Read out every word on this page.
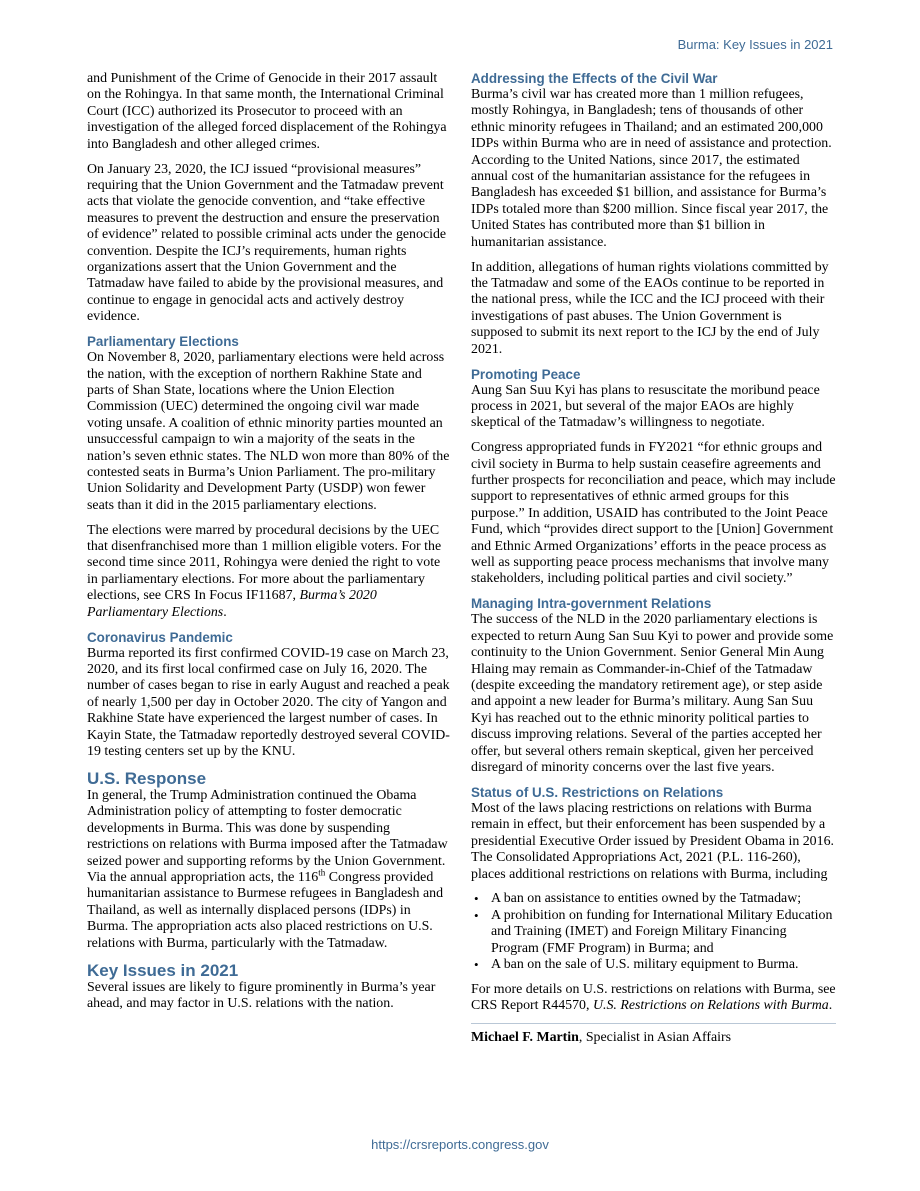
Burma: Key Issues in 2021

and Punishment of the Crime of Genocide in their 2017 assault on the Rohingya. In that same month, the International Criminal Court (ICC) authorized its Prosecutor to proceed with an investigation of the alleged forced displacement of the Rohingya into Bangladesh and other alleged crimes.

On January 23, 2020, the ICJ issued “provisional measures” requiring that the Union Government and the Tatmadaw prevent acts that violate the genocide convention, and “take effective measures to prevent the destruction and ensure the preservation of evidence” related to possible criminal acts under the genocide convention. Despite the ICJ’s requirements, human rights organizations assert that the Union Government and the Tatmadaw have failed to abide by the provisional measures, and continue to engage in genocidal acts and actively destroy evidence.

Parliamentary Elections

On November 8, 2020, parliamentary elections were held across the nation, with the exception of northern Rakhine State and parts of Shan State, locations where the Union Election Commission (UEC) determined the ongoing civil war made voting unsafe. A coalition of ethnic minority parties mounted an unsuccessful campaign to win a majority of the seats in the nation’s seven ethnic states. The NLD won more than 80% of the contested seats in Burma’s Union Parliament. The pro-military Union Solidarity and Development Party (USDP) won fewer seats than it did in the 2015 parliamentary elections.

The elections were marred by procedural decisions by the UEC that disenfranchised more than 1 million eligible voters. For the second time since 2011, Rohingya were denied the right to vote in parliamentary elections. For more about the parliamentary elections, see CRS In Focus IF11687, Burma’s 2020 Parliamentary Elections.

Coronavirus Pandemic

Burma reported its first confirmed COVID-19 case on March 23, 2020, and its first local confirmed case on July 16, 2020. The number of cases began to rise in early August and reached a peak of nearly 1,500 per day in October 2020. The city of Yangon and Rakhine State have experienced the largest number of cases. In Kayin State, the Tatmadaw reportedly destroyed several COVID-19 testing centers set up by the KNU.

U.S. Response

In general, the Trump Administration continued the Obama Administration policy of attempting to foster democratic developments in Burma. This was done by suspending restrictions on relations with Burma imposed after the Tatmadaw seized power and supporting reforms by the Union Government. Via the annual appropriation acts, the 116th Congress provided humanitarian assistance to Burmese refugees in Bangladesh and Thailand, as well as internally displaced persons (IDPs) in Burma. The appropriation acts also placed restrictions on U.S. relations with Burma, particularly with the Tatmadaw.

Key Issues in 2021

Several issues are likely to figure prominently in Burma’s year ahead, and may factor in U.S. relations with the nation.

Addressing the Effects of the Civil War

Burma’s civil war has created more than 1 million refugees, mostly Rohingya, in Bangladesh; tens of thousands of other ethnic minority refugees in Thailand; and an estimated 200,000 IDPs within Burma who are in need of assistance and protection. According to the United Nations, since 2017, the estimated annual cost of the humanitarian assistance for the refugees in Bangladesh has exceeded $1 billion, and assistance for Burma’s IDPs totaled more than $200 million. Since fiscal year 2017, the United States has contributed more than $1 billion in humanitarian assistance.

In addition, allegations of human rights violations committed by the Tatmadaw and some of the EAOs continue to be reported in the national press, while the ICC and the ICJ proceed with their investigations of past abuses. The Union Government is supposed to submit its next report to the ICJ by the end of July 2021.

Promoting Peace

Aung San Suu Kyi has plans to resuscitate the moribund peace process in 2021, but several of the major EAOs are highly skeptical of the Tatmadaw’s willingness to negotiate.

Congress appropriated funds in FY2021 “for ethnic groups and civil society in Burma to help sustain ceasefire agreements and further prospects for reconciliation and peace, which may include support to representatives of ethnic armed groups for this purpose.” In addition, USAID has contributed to the Joint Peace Fund, which “provides direct support to the [Union] Government and Ethnic Armed Organizations’ efforts in the peace process as well as supporting peace process mechanisms that involve many stakeholders, including political parties and civil society.”

Managing Intra-government Relations

The success of the NLD in the 2020 parliamentary elections is expected to return Aung San Suu Kyi to power and provide some continuity to the Union Government. Senior General Min Aung Hlaing may remain as Commander-in-Chief of the Tatmadaw (despite exceeding the mandatory retirement age), or step aside and appoint a new leader for Burma’s military. Aung San Suu Kyi has reached out to the ethnic minority political parties to discuss improving relations. Several of the parties accepted her offer, but several others remain skeptical, given her perceived disregard of minority concerns over the last five years.

Status of U.S. Restrictions on Relations

Most of the laws placing restrictions on relations with Burma remain in effect, but their enforcement has been suspended by a presidential Executive Order issued by President Obama in 2016. The Consolidated Appropriations Act, 2021 (P.L. 116-260), places additional restrictions on relations with Burma, including

• A ban on assistance to entities owned by the Tatmadaw;
• A prohibition on funding for International Military Education and Training (IMET) and Foreign Military Financing Program (FMF Program) in Burma; and
• A ban on the sale of U.S. military equipment to Burma.

For more details on U.S. restrictions on relations with Burma, see CRS Report R44570, U.S. Restrictions on Relations with Burma.

Michael F. Martin, Specialist in Asian Affairs

https://crsreports.congress.gov
